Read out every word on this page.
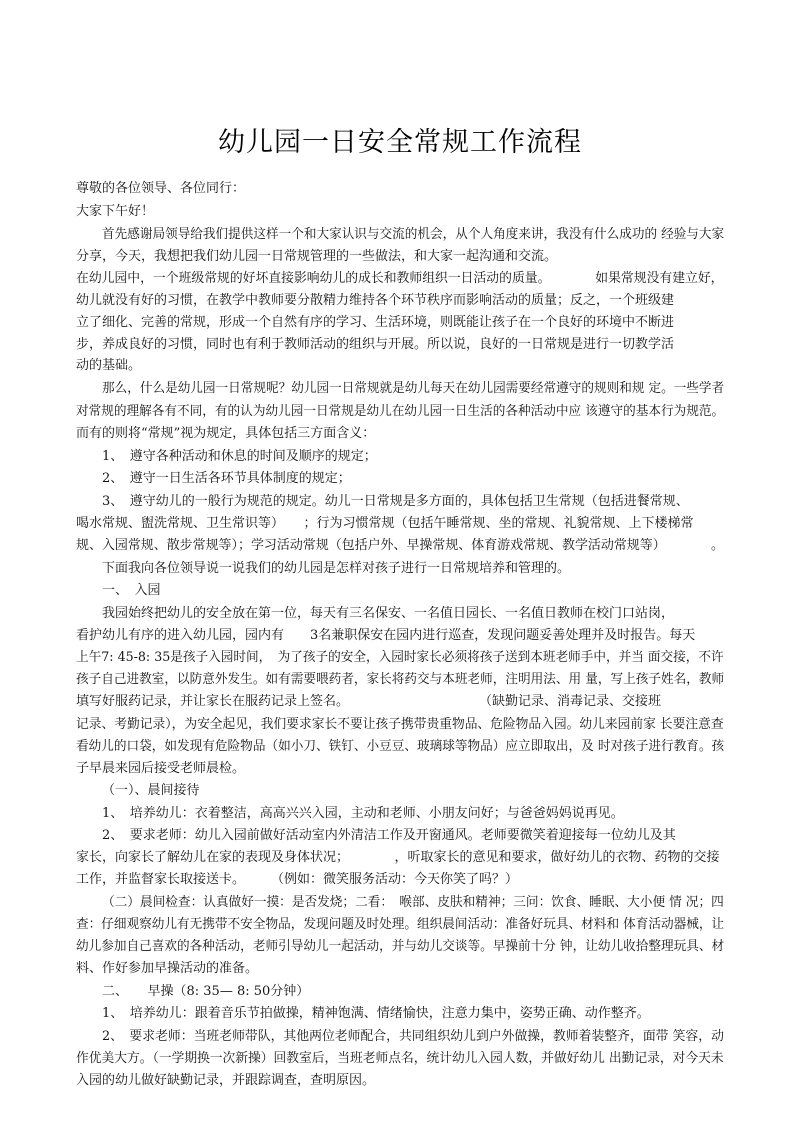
幼儿园一日安全常规工作流程
尊敬的各位领导、各位同行：
大家下午好！
首先感谢局领导给我们提供这样一个和大家认识与交流的机会，从个人角度来讲，我没有什么成功的 经验与大家
分享，今天，我想把我们幼儿园一日常规管理的一些做法，和大家一起沟通和交流。
在幼儿园中，一个班级常规的好坏直接影响幼儿的成长和教师组织一日活动的质量。　　　　如果常规没有建立好，
幼儿就没有好的习惯，在教学中教师要分散精力维持各个环节秩序而影响活动的质量；反之，一个班级建
立了细化、完善的常规，形成一个自然有序的学习、生活环境，则既能让孩子在一个良好的环境中不断进
步，养成良好的习惯，同时也有利于教师活动的组织与开展。所以说，良好的一日常规是进行一切教学活
动的基础。
那么，什么是幼儿园一日常规呢？幼儿园一日常规就是幼儿每天在幼儿园需要经常遵守的规则和规 定。一些学者
对常规的理解各有不同，有的认为幼儿园一日常规是幼儿在幼儿园一日生活的各种活动中应 该遵守的基本行为规范。
而有的则将“常规”视为规定，具体包括三方面含义：
1、　遵守各种活动和休息的时间及顺序的规定；
2、　遵守一日生活各环节具体制度的规定；
3、　遵守幼儿的一般行为规范的规定。幼儿一日常规是多方面的，具体包括卫生常规（包括进餐常规、
喝水常规、盥洗常规、卫生常识等）　　；行为习惯常规（包括午睡常规、坐的常规、礼貌常规、上下楼梯常
规、入园常规、散步常规等）；学习活动常规（包括户外、早操常规、体育游戏常规、教学活动常规等）　　　　。
下面我向各位领导说一说我们的幼儿园是怎样对孩子进行一日常规培养和管理的。
一、　入园
我园始终把幼儿的安全放在第一位，每天有三名保安、一名值日园长、一名值日教师在校门口站岗，
看护幼儿有序的进入幼儿园，园内有　　3名兼职保安在园内进行巡查，发现问题妥善处理并及时报告。每天
上午7: 45-8: 35是孩子入园时间，　为了孩子的安全，入园时家长必须将孩子送到本班老师手中，并当 面交接，不许
孩子自己进教室，以防意外发生。如有需要喂药者，家长将药交与本班老师，注明用法、用 量，写上孩子姓名，教师
填写好服药记录，并让家长在服药记录上签名。　　　　　　　　　　　（缺勤记录、消毒记录、交接班
记录、考勤记录），为安全起见，我们要求家长不要让孩子携带贵重物品、危险物品入园。幼儿来园前家 长要注意查
看幼儿的口袋，如发现有危险物品（如小刀、铁钉、小豆豆、玻璃球等物品）应立即取出，及 时对孩子进行教育。孩
子早晨来园后接受老师晨检。
（一）、晨间接待
1、　培养幼儿：衣着整洁，高高兴兴入园，主动和老师、小朋友问好；与爸爸妈妈说再见。
2、　要求老师：幼儿入园前做好活动室内外清洁工作及开窗通风。老师要微笑着迎接每一位幼儿及其
家长，向家长了解幼儿在家的表现及身体状况；　　　　，听取家长的意见和要求，做好幼儿的衣物、药物的交接
工作，并监督家长取接送卡。　　　（例如：微笑服务活动：今天你笑了吗？）
（二）晨间检查：认真做好一摸：是否发烧；二看：　喉部、皮肤和精神；三问：饮食、睡眠、大小便 情 况；四
查：仔细观察幼儿有无携带不安全物品，发现问题及时处理。组织晨间活动：准备好玩具、材料和 体育活动器械，让
幼儿参加自己喜欢的各种活动，老师引导幼儿一起活动，并与幼儿交谈等。早操前十分 钟，让幼儿收拾整理玩具、材
料、作好参加早操活动的准备。
二、　　早操（8: 35— 8: 50分钟）
1、　培养幼儿：跟着音乐节拍做操，精神饱满、情绪愉快，注意力集中，姿势正确、动作整齐。
2、　要求老师：当班老师带队，其他两位老师配合，共同组织幼儿到户外做操，教师着装整齐，面带 笑容，动
作优美大方。（一学期换一次新操）回教室后，当班老师点名，统计幼儿入园人数，并做好幼儿 出勤记录，对今天未
入园的幼儿做好缺勤记录，并跟踪调查，查明原因。
